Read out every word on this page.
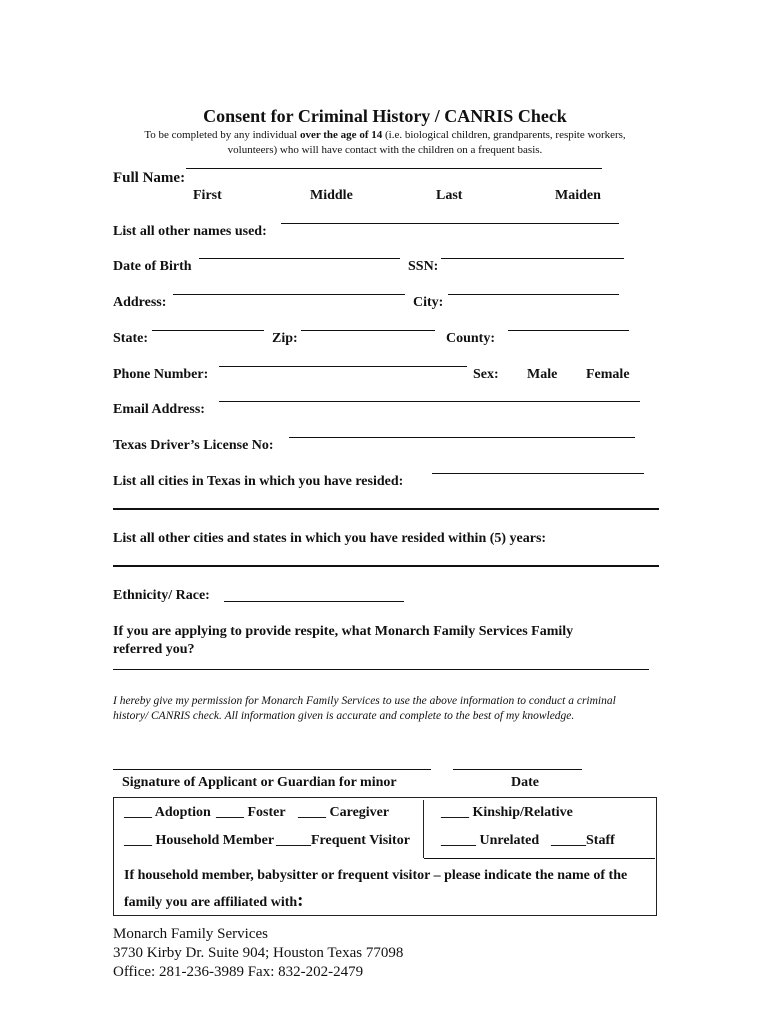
Consent for Criminal History / CANRIS Check
To be completed by any individual over the age of 14 (i.e. biological children, grandparents, respite workers,
volunteers) who will have contact with the children on a frequent basis.
Full Name:
First	Middle	Last	Maiden
List all other names used:
Date of Birth	SSN:
Address:	City:
State:	Zip:	County:
Phone Number:	Sex: Male Female
Email Address:
Texas Driver’s License No:
List all cities in Texas in which you have resided:
List all other cities and states in which you have resided within (5) years:
Ethnicity/ Race:
If you are applying to provide respite, what Monarch Family Services Family
referred you?
I hereby give my permission for Monarch Family Services to use the above information to conduct a criminal history/ CANRIS check. All information given is accurate and complete to the best of my knowledge.
Signature of Applicant or Guardian for minor	Date
____ Adoption ____ Foster ____ Caregiver	____ Kinship/Relative
____ Household Member _____Frequent Visitor _____ Unrelated _____Staff
If household member, babysitter or frequent visitor – please indicate the name of the
family you are affiliated with:
Monarch Family Services
3730 Kirby Dr. Suite 904; Houston Texas 77098
Office: 281-236-3989 Fax: 832-202-2479
